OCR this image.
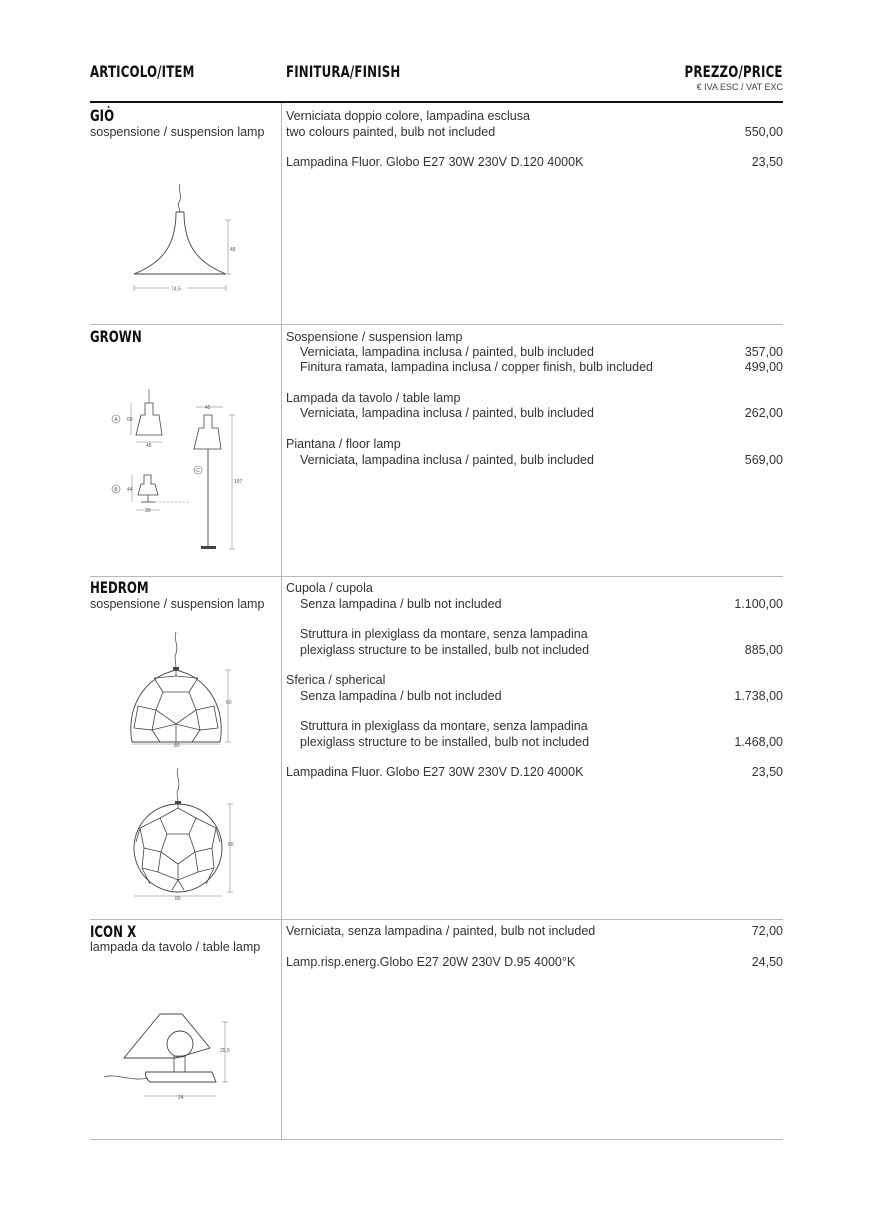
ARTICOLO/ITEM	FINITURA/FINISH	PREZZO/PRICE
€ IVA ESC / VAT EXC
GIÒ
sospensione / suspension lamp
Verniciata doppio colore, lampadina esclusa
two colours painted, bulb not included	550,00
Lampadina Fluor. Globo E27 30W 230V D.120 4000K	23,50
48
74,5
GROWN	Sospensione / suspension lamp
Verniciata, lampadina inclusa / painted, bulb included	357,00
Finitura ramata, lampadina inclusa / copper finish, bulb included	499,00
Lampada da tavolo / table lamp
Verniciata, lampadina inclusa / painted, bulb included	262,00
Piantana / floor lamp
Verniciata, lampadina inclusa / painted, bulb included	569,00
A 60
45
B 44
30
C
45
197
HEDROM
sospensione / suspension lamp
Cupola / cupola
Senza lampadina / bulb not included	1.100,00
Struttura in plexiglass da montare, senza lampadina
plexiglass structure to be installed, bulb not included	885,00
Sferica / spherical
Senza lampadina / bulb not included	1.738,00
Struttura in plexiglass da montare, senza lampadina
plexiglass structure to be installed, bulb not included	1.468,00
Lampadina Fluor. Globo E27 30W 230V D.120 4000K	23,50
60
80
80
80
ICON X
lampada da tavolo / table lamp
Verniciata, senza lampadina / painted, bulb not included	72,00
Lamp.risp.energ.Globo E27 20W 230V D.95 4000°K	24,50
25,5
24
